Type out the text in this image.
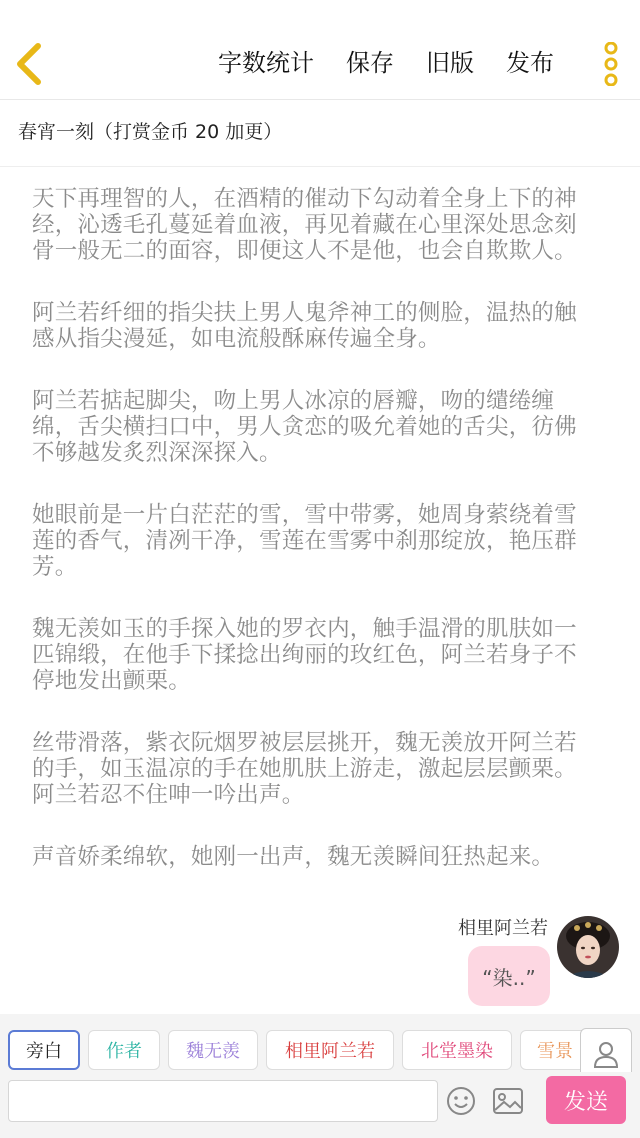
字数统计 保存 旧版 发布
春宵一刻（打赏金币 20 加更）

天下再理智的人，在酒精的催动下勾动着全身上下的神经，沁透毛孔蔓延着血液，再见着藏在心里深处思念刻骨一般无二的面容，即便这人不是他，也会自欺欺人。

阿兰若纤细的指尖扶上男人鬼斧神工的侧脸，温热的触感从指尖漫延，如电流般酥麻传遍全身。

阿兰若掂起脚尖，吻上男人冰凉的唇瓣，吻的缱绻缠绵，舌尖横扫口中，男人贪恋的吸允着她的舌尖，彷佛不够越发炙烈深深探入。

她眼前是一片白茫茫的雪，雪中带雾，她周身萦绕着雪莲的香气，清冽干净，雪莲在雪雾中刹那绽放，艳压群芳。

魏无羡如玉的手探入她的罗衣内，触手温滑的肌肤如一匹锦缎，在他手下揉捻出绚丽的玫红色，阿兰若身子不停地发出颤栗。

丝带滑落，紫衣阮烟罗被层层挑开，魏无羡放开阿兰若的手，如玉温凉的手在她肌肤上游走，激起层层颤栗。阿兰若忍不住呻一吟出声。

声音娇柔绵软，她刚一出声，魏无羡瞬间狂热起来。

相里阿兰若
“染..”
旁白 作者 魏无羡	相里阿兰若	北堂墨染 雪景
发送
